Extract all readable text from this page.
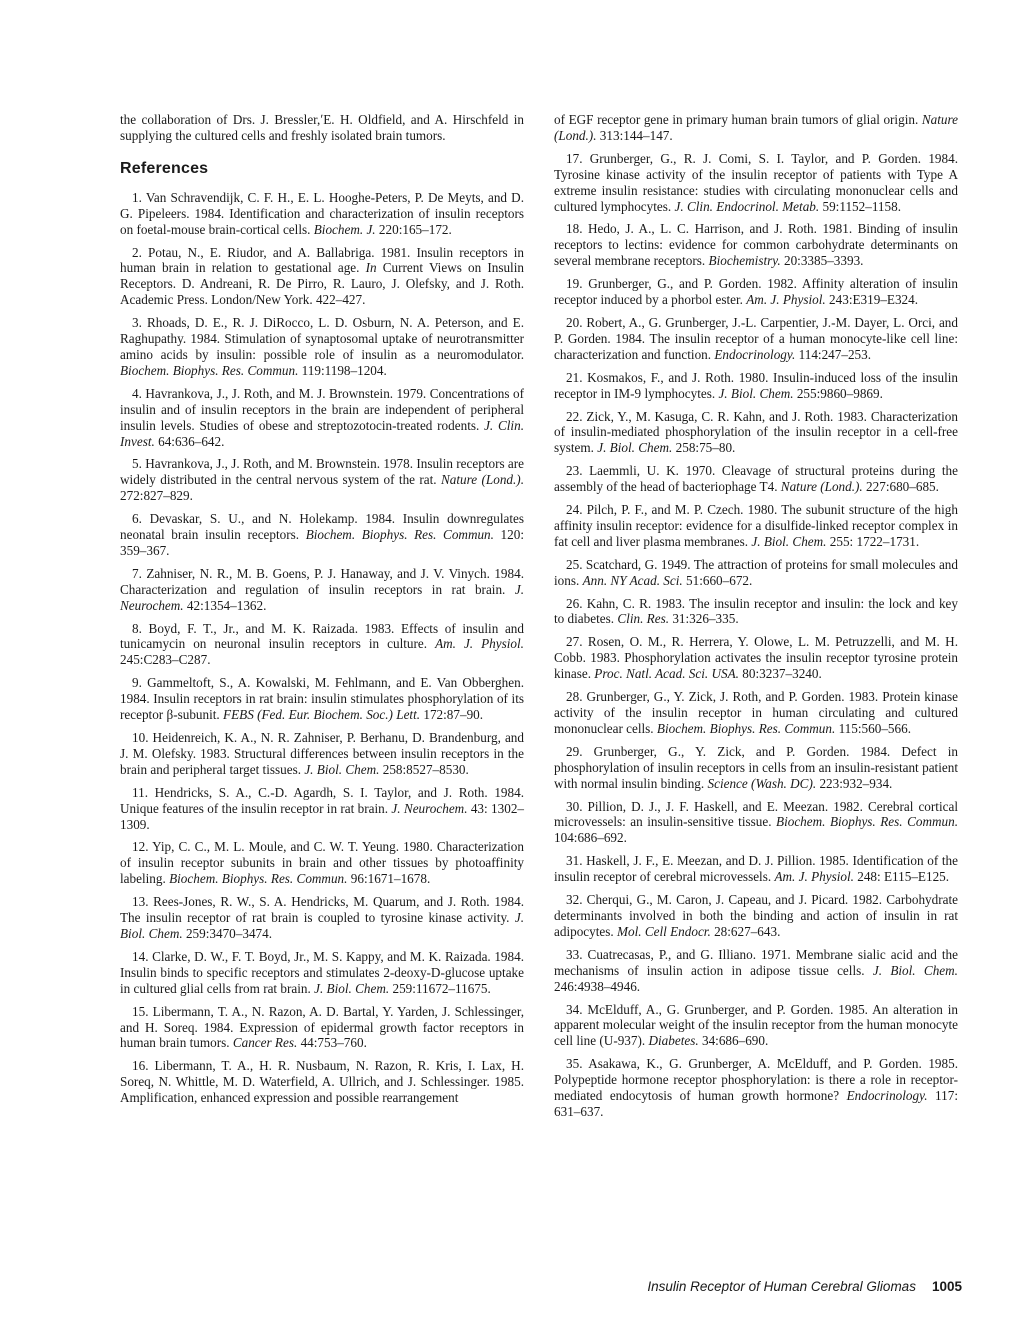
the collaboration of Drs. J. Bressler,ʹE. H. Oldfield, and A. Hirschfeld in supplying the cultured cells and freshly isolated brain tumors.

References

1. Van Schravendijk, C. F. H., E. L. Hooghe-Peters, P. De Meyts, and D. G. Pipeleers. 1984. Identification and characterization of insulin receptors on foetal-mouse brain-cortical cells. Biochem. J. 220:165–172.

2. Potau, N., E. Riudor, and A. Ballabriga. 1981. Insulin receptors in human brain in relation to gestational age. In Current Views on Insulin Receptors. D. Andreani, R. De Pirro, R. Lauro, J. Olefsky, and J. Roth. Academic Press. London/New York. 422–427.

3. Rhoads, D. E., R. J. DiRocco, L. D. Osburn, N. A. Peterson, and E. Raghupathy. 1984. Stimulation of synaptosomal uptake of neurotransmitter amino acids by insulin: possible role of insulin as a neuromodulator. Biochem. Biophys. Res. Commun. 119:1198–1204.

4. Havrankova, J., J. Roth, and M. J. Brownstein. 1979. Concentrations of insulin and of insulin receptors in the brain are independent of peripheral insulin levels. Studies of obese and streptozotocin-treated rodents. J. Clin. Invest. 64:636–642.

5. Havrankova, J., J. Roth, and M. Brownstein. 1978. Insulin receptors are widely distributed in the central nervous system of the rat. Nature (Lond.). 272:827–829.

6. Devaskar, S. U., and N. Holekamp. 1984. Insulin downregulates neonatal brain insulin receptors. Biochem. Biophys. Res. Commun. 120: 359–367.

7. Zahniser, N. R., M. B. Goens, P. J. Hanaway, and J. V. Vinych. 1984. Characterization and regulation of insulin receptors in rat brain. J. Neurochem. 42:1354–1362.

8. Boyd, F. T., Jr., and M. K. Raizada. 1983. Effects of insulin and tunicamycin on neuronal insulin receptors in culture. Am. J. Physiol. 245:C283–C287.

9. Gammeltoft, S., A. Kowalski, M. Fehlmann, and E. Van Obberghen. 1984. Insulin receptors in rat brain: insulin stimulates phosphorylation of its receptor β-subunit. FEBS (Fed. Eur. Biochem. Soc.) Lett. 172:87–90.

10. Heidenreich, K. A., N. R. Zahniser, P. Berhanu, D. Brandenburg, and J. M. Olefsky. 1983. Structural differences between insulin receptors in the brain and peripheral target tissues. J. Biol. Chem. 258:8527–8530.

11. Hendricks, S. A., C.-D. Agardh, S. I. Taylor, and J. Roth. 1984. Unique features of the insulin receptor in rat brain. J. Neurochem. 43: 1302–1309.

12. Yip, C. C., M. L. Moule, and C. W. T. Yeung. 1980. Characterization of insulin receptor subunits in brain and other tissues by photoaffinity labeling. Biochem. Biophys. Res. Commun. 96:1671–1678.

13. Rees-Jones, R. W., S. A. Hendricks, M. Quarum, and J. Roth. 1984. The insulin receptor of rat brain is coupled to tyrosine kinase activity. J. Biol. Chem. 259:3470–3474.

14. Clarke, D. W., F. T. Boyd, Jr., M. S. Kappy, and M. K. Raizada. 1984. Insulin binds to specific receptors and stimulates 2-deoxy-D-glucose uptake in cultured glial cells from rat brain. J. Biol. Chem. 259:11672–11675.

15. Libermann, T. A., N. Razon, A. D. Bartal, Y. Yarden, J. Schlessinger, and H. Soreq. 1984. Expression of epidermal growth factor receptors in human brain tumors. Cancer Res. 44:753–760.

16. Libermann, T. A., H. R. Nusbaum, N. Razon, R. Kris, I. Lax, H. Soreq, N. Whittle, M. D. Waterfield, A. Ullrich, and J. Schlessinger. 1985. Amplification, enhanced expression and possible rearrangement

of EGF receptor gene in primary human brain tumors of glial origin. Nature (Lond.). 313:144–147.

17. Grunberger, G., R. J. Comi, S. I. Taylor, and P. Gorden. 1984. Tyrosine kinase activity of the insulin receptor of patients with Type A extreme insulin resistance: studies with circulating mononuclear cells and cultured lymphocytes. J. Clin. Endocrinol. Metab. 59:1152–1158.

18. Hedo, J. A., L. C. Harrison, and J. Roth. 1981. Binding of insulin receptors to lectins: evidence for common carbohydrate determinants on several membrane receptors. Biochemistry. 20:3385–3393.

19. Grunberger, G., and P. Gorden. 1982. Affinity alteration of insulin receptor induced by a phorbol ester. Am. J. Physiol. 243:E319–E324.

20. Robert, A., G. Grunberger, J.-L. Carpentier, J.-M. Dayer, L. Orci, and P. Gorden. 1984. The insulin receptor of a human monocyte-like cell line: characterization and function. Endocrinology. 114:247–253.

21. Kosmakos, F., and J. Roth. 1980. Insulin-induced loss of the insulin receptor in IM-9 lymphocytes. J. Biol. Chem. 255:9860–9869.

22. Zick, Y., M. Kasuga, C. R. Kahn, and J. Roth. 1983. Characterization of insulin-mediated phosphorylation of the insulin receptor in a cell-free system. J. Biol. Chem. 258:75–80.

23. Laemmli, U. K. 1970. Cleavage of structural proteins during the assembly of the head of bacteriophage T4. Nature (Lond.). 227:680–685.

24. Pilch, P. F., and M. P. Czech. 1980. The subunit structure of the high affinity insulin receptor: evidence for a disulfide-linked receptor complex in fat cell and liver plasma membranes. J. Biol. Chem. 255: 1722–1731.

25. Scatchard, G. 1949. The attraction of proteins for small molecules and ions. Ann. NY Acad. Sci. 51:660–672.

26. Kahn, C. R. 1983. The insulin receptor and insulin: the lock and key to diabetes. Clin. Res. 31:326–335.

27. Rosen, O. M., R. Herrera, Y. Olowe, L. M. Petruzzelli, and M. H. Cobb. 1983. Phosphorylation activates the insulin receptor tyrosine protein kinase. Proc. Natl. Acad. Sci. USA. 80:3237–3240.

28. Grunberger, G., Y. Zick, J. Roth, and P. Gorden. 1983. Protein kinase activity of the insulin receptor in human circulating and cultured mononuclear cells. Biochem. Biophys. Res. Commun. 115:560–566.

29. Grunberger, G., Y. Zick, and P. Gorden. 1984. Defect in phosphorylation of insulin receptors in cells from an insulin-resistant patient with normal insulin binding. Science (Wash. DC). 223:932–934.

30. Pillion, D. J., J. F. Haskell, and E. Meezan. 1982. Cerebral cortical microvessels: an insulin-sensitive tissue. Biochem. Biophys. Res. Commun. 104:686–692.

31. Haskell, J. F., E. Meezan, and D. J. Pillion. 1985. Identification of the insulin receptor of cerebral microvessels. Am. J. Physiol. 248: E115–E125.

32. Cherqui, G., M. Caron, J. Capeau, and J. Picard. 1982. Carbohydrate determinants involved in both the binding and action of insulin in rat adipocytes. Mol. Cell Endocr. 28:627–643.

33. Cuatrecasas, P., and G. Illiano. 1971. Membrane sialic acid and the mechanisms of insulin action in adipose tissue cells. J. Biol. Chem. 246:4938–4946.

34. McElduff, A., G. Grunberger, and P. Gorden. 1985. An alteration in apparent molecular weight of the insulin receptor from the human monocyte cell line (U-937). Diabetes. 34:686–690.

35. Asakawa, K., G. Grunberger, A. McElduff, and P. Gorden. 1985. Polypeptide hormone receptor phosphorylation: is there a role in receptor-mediated endocytosis of human growth hormone? Endocrinology. 117: 631–637.

Insulin Receptor of Human Cerebral Gliomas 1005
